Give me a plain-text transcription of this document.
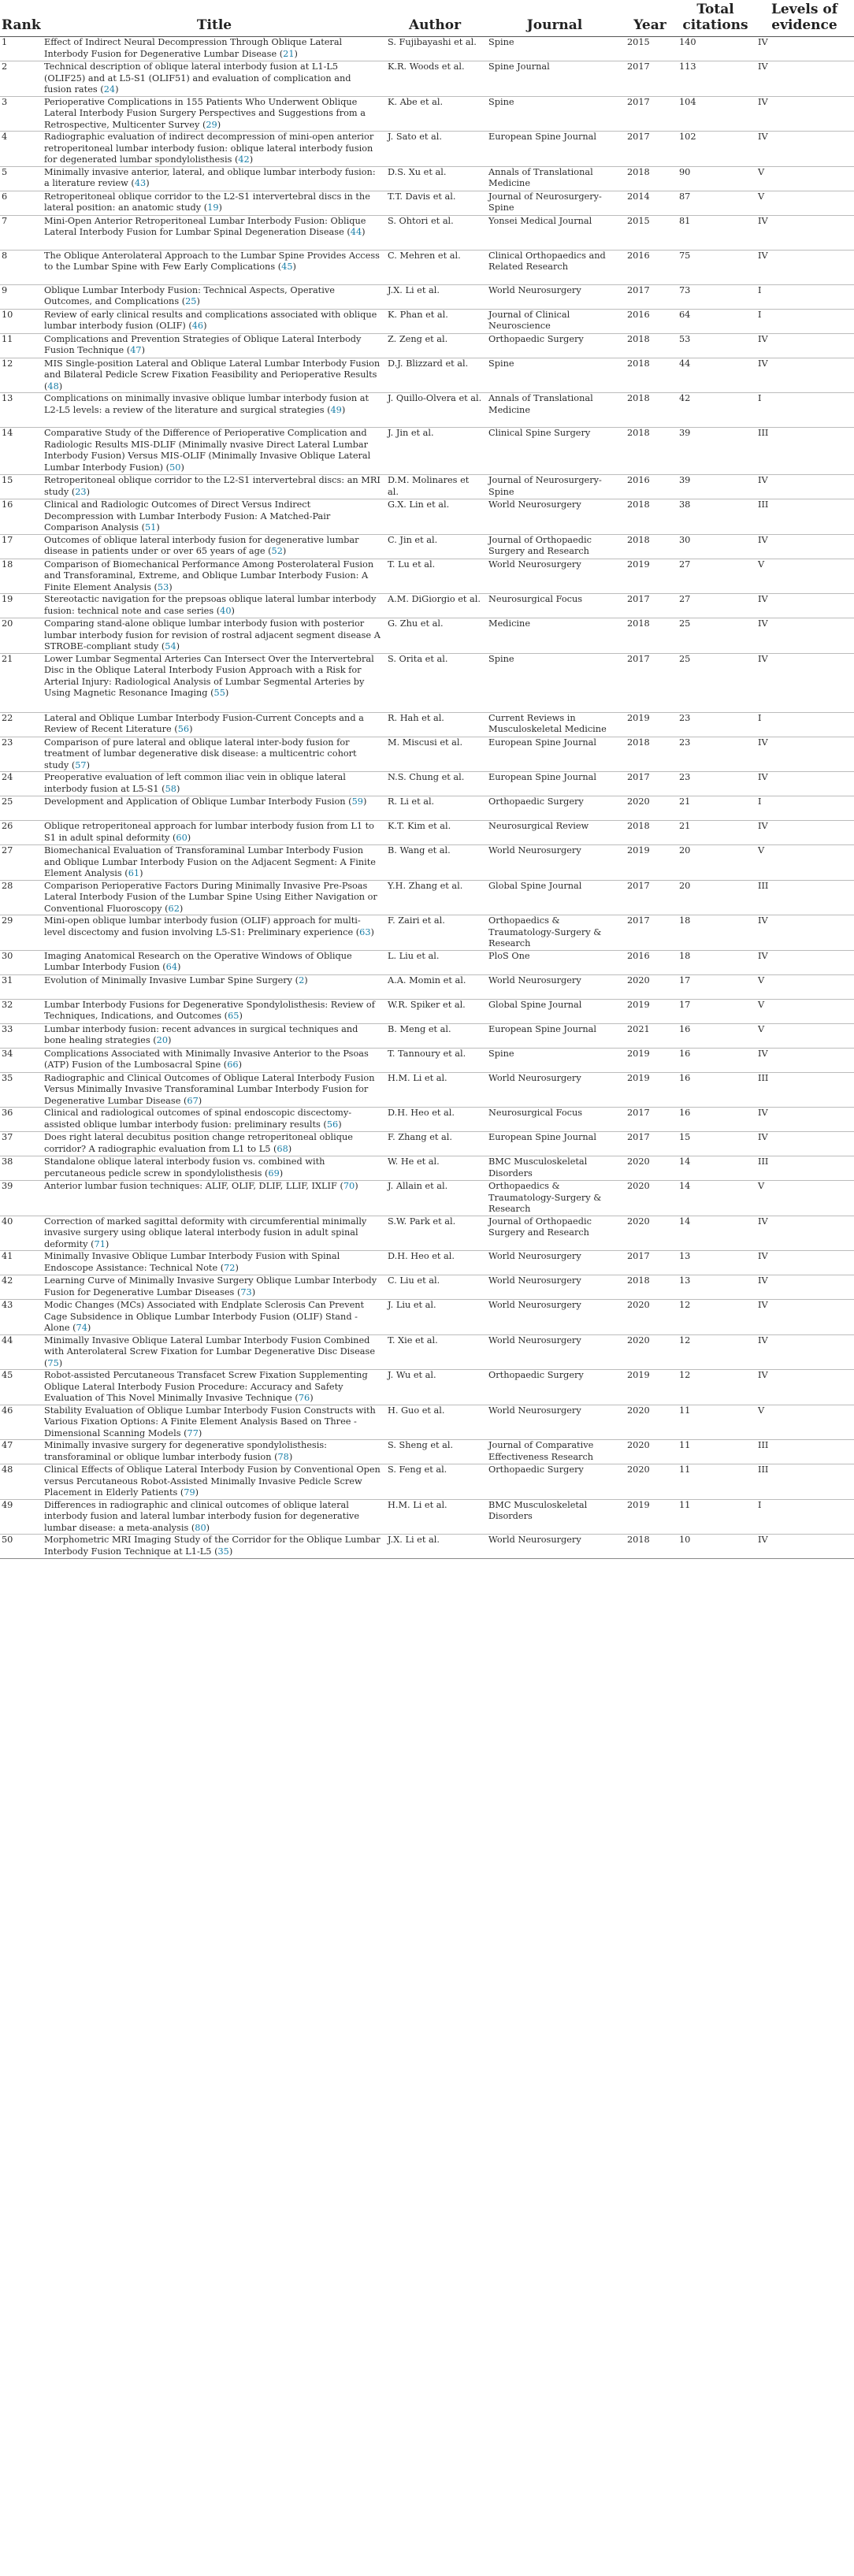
Rank	Title	Author	Journal	Year	Total citations	Levels of evidence
1	Effect of Indirect Neural Decompression Through Oblique Lateral Interbody Fusion for Degenerative Lumbar Disease (21)	S. Fujibayashi et al.	Spine	2015	140	IV
2	Technical description of oblique lateral interbody fusion at L1-L5 (OLIF25) and at L5-S1 (OLIF51) and evaluation of complication and fusion rates (24)	K.R. Woods et al.	Spine Journal	2017	113	IV
3	Perioperative Complications in 155 Patients Who Underwent Oblique Lateral Interbody Fusion Surgery Perspectives and Suggestions from a Retrospective, Multicenter Survey (29)	K. Abe et al.	Spine	2017	104	IV
4	Radiographic evaluation of indirect decompression of mini-open anterior retroperitoneal lumbar interbody fusion: oblique lateral interbody fusion for degenerated lumbar spondylolisthesis (42)	J. Sato et al.	European Spine Journal	2017	102	IV
5	Minimally invasive anterior, lateral, and oblique lumbar interbody fusion: a literature review (43)	D.S. Xu et al.	Annals of Translational Medicine	2018	90	V
6	Retroperitoneal oblique corridor to the L2-S1 intervertebral discs in the lateral position: an anatomic study (19)	T.T. Davis et al.	Journal of Neurosurgery-Spine	2014	87	V
7	Mini-Open Anterior Retroperitoneal Lumbar Interbody Fusion: Oblique Lateral Interbody Fusion for Lumbar Spinal Degeneration Disease (44)	S. Ohtori et al.	Yonsei Medical Journal	2015	81	IV
8	The Oblique Anterolateral Approach to the Lumbar Spine Provides Access to the Lumbar Spine with Few Early Complications (45)	C. Mehren et al.	Clinical Orthopaedics and Related Research	2016	75	IV
9	Oblique Lumbar Interbody Fusion: Technical Aspects, Operative Outcomes, and Complications (25)	J.X. Li et al.	World Neurosurgery	2017	73	I
10	Review of early clinical results and complications associated with oblique lumbar interbody fusion (OLIF) (46)	K. Phan et al.	Journal of Clinical Neuroscience	2016	64	I
11	Complications and Prevention Strategies of Oblique Lateral Interbody Fusion Technique (47)	Z. Zeng et al.	Orthopaedic Surgery	2018	53	IV
12	MIS Single-position Lateral and Oblique Lateral Lumbar Interbody Fusion and Bilateral Pedicle Screw Fixation Feasibility and Perioperative Results (48)	D.J. Blizzard et al.	Spine	2018	44	IV
13	Complications on minimally invasive oblique lumbar interbody fusion at L2-L5 levels: a review of the literature and surgical strategies (49)	J. Quillo-Olvera et al.	Annals of Translational Medicine	2018	42	I
14	Comparative Study of the Difference of Perioperative Complication and Radiologic Results MIS-DLIF (Minimally nvasive Direct Lateral Lumbar Interbody Fusion) Versus MIS-OLIF (Minimally Invasive Oblique Lateral Lumbar Interbody Fusion) (50)	J. Jin et al.	Clinical Spine Surgery	2018	39	III
15	Retroperitoneal oblique corridor to the L2-S1 intervertebral discs: an MRI study (23)	D.M. Molinares et al.	Journal of Neurosurgery-Spine	2016	39	IV
16	Clinical and Radiologic Outcomes of Direct Versus Indirect Decompression with Lumbar Interbody Fusion: A Matched-Pair Comparison Analysis (51)	G.X. Lin et al.	World Neurosurgery	2018	38	III
17	Outcomes of oblique lateral interbody fusion for degenerative lumbar disease in patients under or over 65 years of age (52)	C. Jin et al.	Journal of Orthopaedic Surgery and Research	2018	30	IV
18	Comparison of Biomechanical Performance Among Posterolateral Fusion and Transforaminal, Extreme, and Oblique Lumbar Interbody Fusion: A Finite Element Analysis (53)	T. Lu et al.	World Neurosurgery	2019	27	V
19	Stereotactic navigation for the prepsoas oblique lateral lumbar interbody fusion: technical note and case series (40)	A.M. DiGiorgio et al.	Neurosurgical Focus	2017	27	IV
20	Comparing stand-alone oblique lumbar interbody fusion with posterior lumbar interbody fusion for revision of rostral adjacent segment disease A STROBE-compliant study (54)	G. Zhu et al.	Medicine	2018	25	IV
21	Lower Lumbar Segmental Arteries Can Intersect Over the Intervertebral Disc in the Oblique Lateral Interbody Fusion Approach with a Risk for Arterial Injury: Radiological Analysis of Lumbar Segmental Arteries by Using Magnetic Resonance Imaging (55)	S. Orita et al.	Spine	2017	25	IV
22	Lateral and Oblique Lumbar Interbody Fusion-Current Concepts and a Review of Recent Literature (56)	R. Hah et al.	Current Reviews in Musculoskeletal Medicine	2019	23	I
23	Comparison of pure lateral and oblique lateral inter-body fusion for treatment of lumbar degenerative disk disease: a multicentric cohort study (57)	M. Miscusi et al.	European Spine Journal	2018	23	IV
24	Preoperative evaluation of left common iliac vein in oblique lateral interbody fusion at L5-S1 (58)	N.S. Chung et al.	European Spine Journal	2017	23	IV
25	Development and Application of Oblique Lumbar Interbody Fusion (59)	R. Li et al.	Orthopaedic Surgery	2020	21	I
26	Oblique retroperitoneal approach for lumbar interbody fusion from L1 to S1 in adult spinal deformity (60)	K.T. Kim et al.	Neurosurgical Review	2018	21	IV
27	Biomechanical Evaluation of Transforaminal Lumbar Interbody Fusion and Oblique Lumbar Interbody Fusion on the Adjacent Segment: A Finite Element Analysis (61)	B. Wang et al.	World Neurosurgery	2019	20	V
28	Comparison Perioperative Factors During Minimally Invasive Pre-Psoas Lateral Interbody Fusion of the Lumbar Spine Using Either Navigation or Conventional Fluoroscopy (62)	Y.H. Zhang et al.	Global Spine Journal	2017	20	III
29	Mini-open oblique lumbar interbody fusion (OLIF) approach for multi-level discectomy and fusion involving L5-S1: Preliminary experience (63)	F. Zairi et al.	Orthopaedics & Traumatology-Surgery & Research	2017	18	IV
30	Imaging Anatomical Research on the Operative Windows of Oblique Lumbar Interbody Fusion (64)	L. Liu et al.	PloS One	2016	18	IV
31	Evolution of Minimally Invasive Lumbar Spine Surgery (2)	A.A. Momin et al.	World Neurosurgery	2020	17	V
32	Lumbar Interbody Fusions for Degenerative Spondylolisthesis: Review of Techniques, Indications, and Outcomes (65)	W.R. Spiker et al.	Global Spine Journal	2019	17	V
33	Lumbar interbody fusion: recent advances in surgical techniques and bone healing strategies (20)	B. Meng et al.	European Spine Journal	2021	16	V
34	Complications Associated with Minimally Invasive Anterior to the Psoas (ATP) Fusion of the Lumbosacral Spine (66)	T. Tannoury et al.	Spine	2019	16	IV
35	Radiographic and Clinical Outcomes of Oblique Lateral Interbody Fusion Versus Minimally Invasive Transforaminal Lumbar Interbody Fusion for Degenerative Lumbar Disease (67)	H.M. Li et al.	World Neurosurgery	2019	16	III
36	Clinical and radiological outcomes of spinal endoscopic discectomy-assisted oblique lumbar interbody fusion: preliminary results (56)	D.H. Heo et al.	Neurosurgical Focus	2017	16	IV
37	Does right lateral decubitus position change retroperitoneal oblique corridor? A radiographic evaluation from L1 to L5 (68)	F. Zhang et al.	European Spine Journal	2017	15	IV
38	Standalone oblique lateral interbody fusion vs. combined with percutaneous pedicle screw in spondylolisthesis (69)	W. He et al.	BMC Musculoskeletal Disorders	2020	14	III
39	Anterior lumbar fusion techniques: ALIF, OLIF, DLIF, LLIF, IXLIF (70)	J. Allain et al.	Orthopaedics & Traumatology-Surgery & Research	2020	14	V
40	Correction of marked sagittal deformity with circumferential minimally invasive surgery using oblique lateral interbody fusion in adult spinal deformity (71)	S.W. Park et al.	Journal of Orthopaedic Surgery and Research	2020	14	IV
41	Minimally Invasive Oblique Lumbar Interbody Fusion with Spinal Endoscope Assistance: Technical Note (72)	D.H. Heo et al.	World Neurosurgery	2017	13	IV
42	Learning Curve of Minimally Invasive Surgery Oblique Lumbar Interbody Fusion for Degenerative Lumbar Diseases (73)	C. Liu et al.	World Neurosurgery	2018	13	IV
43	Modic Changes (MCs) Associated with Endplate Sclerosis Can Prevent Cage Subsidence in Oblique Lumbar Interbody Fusion (OLIF) Stand -Alone (74)	J. Liu et al.	World Neurosurgery	2020	12	IV
44	Minimally Invasive Oblique Lateral Lumbar Interbody Fusion Combined with Anterolateral Screw Fixation for Lumbar Degenerative Disc Disease (75)	T. Xie et al.	World Neurosurgery	2020	12	IV
45	Robot-assisted Percutaneous Transfacet Screw Fixation Supplementing Oblique Lateral Interbody Fusion Procedure: Accuracy and Safety Evaluation of This Novel Minimally Invasive Technique (76)	J. Wu et al.	Orthopaedic Surgery	2019	12	IV
46	Stability Evaluation of Oblique Lumbar Interbody Fusion Constructs with Various Fixation Options: A Finite Element Analysis Based on Three -Dimensional Scanning Models (77)	H. Guo et al.	World Neurosurgery	2020	11	V
47	Minimally invasive surgery for degenerative spondylolisthesis: transforaminal or oblique lumbar interbody fusion (78)	S. Sheng et al.	Journal of Comparative Effectiveness Research	2020	11	III
48	Clinical Effects of Oblique Lateral Interbody Fusion by Conventional Open versus Percutaneous Robot-Assisted Minimally Invasive Pedicle Screw Placement in Elderly Patients (79)	S. Feng et al.	Orthopaedic Surgery	2020	11	III
49	Differences in radiographic and clinical outcomes of oblique lateral interbody fusion and lateral lumbar interbody fusion for degenerative lumbar disease: a meta-analysis (80)	H.M. Li et al.	BMC Musculoskeletal Disorders	2019	11	I
50	Morphometric MRI Imaging Study of the Corridor for the Oblique Lumbar Interbody Fusion Technique at L1-L5 (35)	J.X. Li et al.	World Neurosurgery	2018	10	IV
